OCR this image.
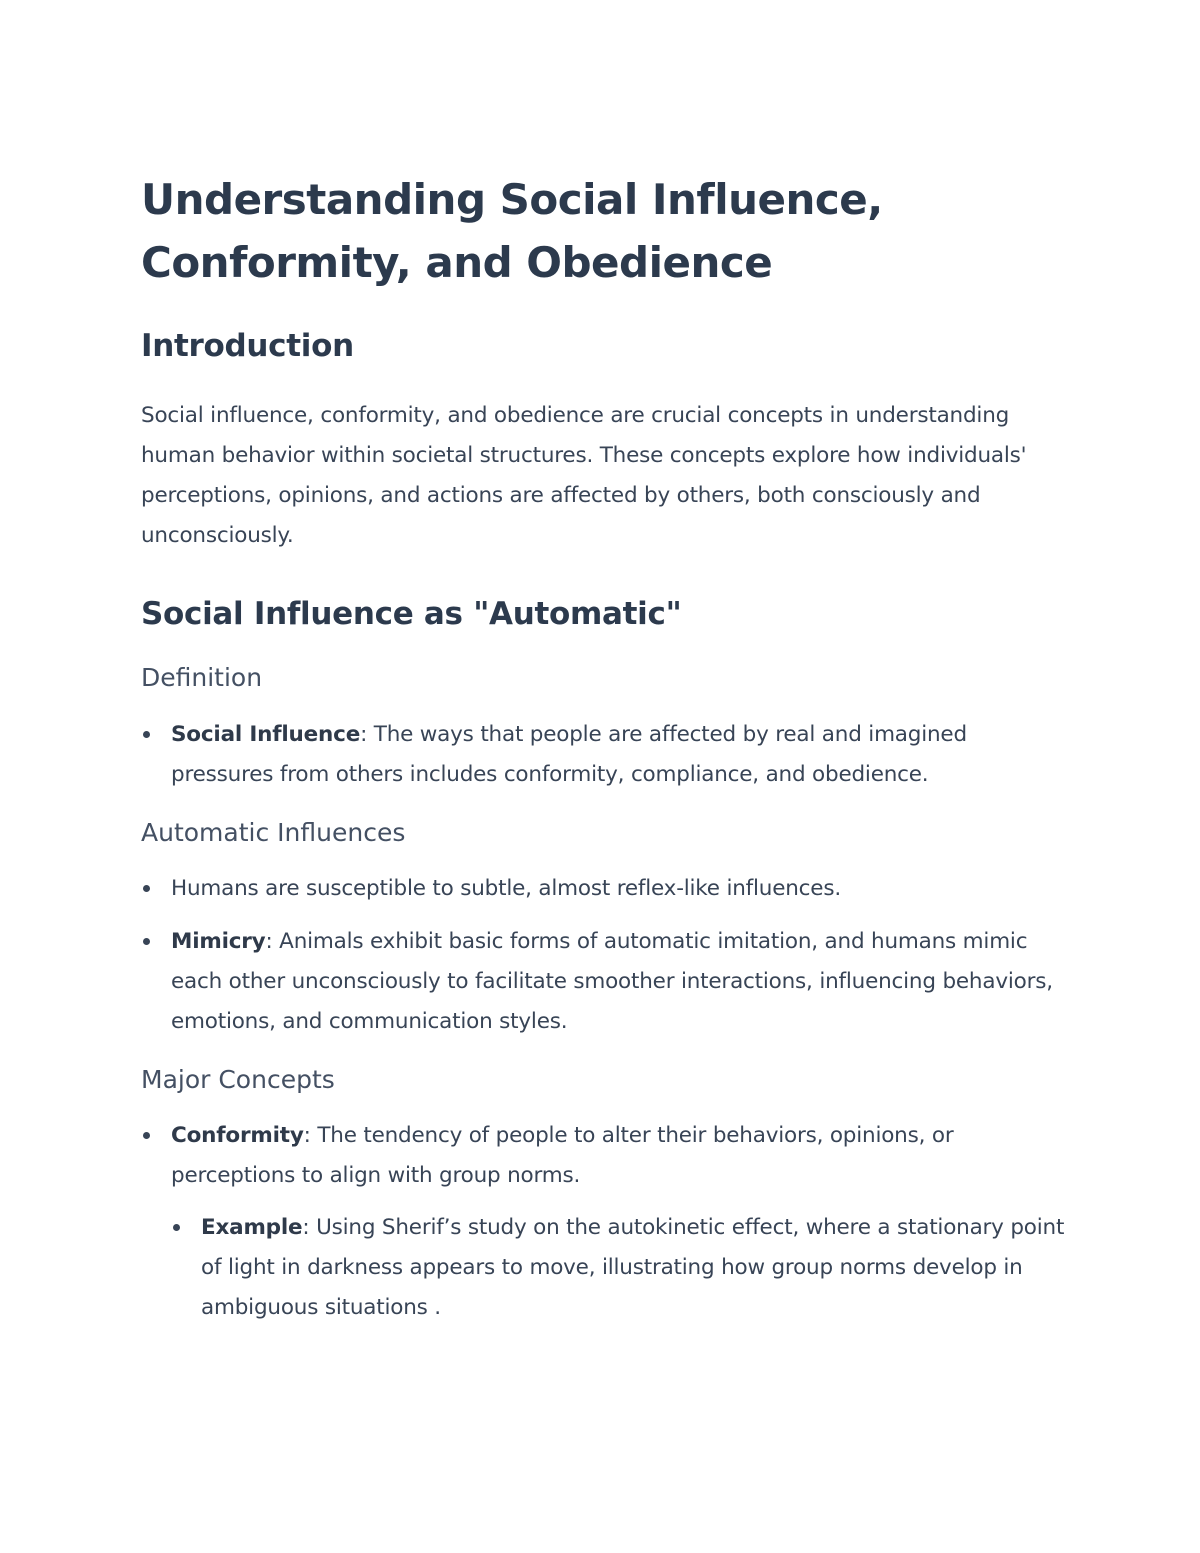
Understanding Social Influence, Conformity, and Obedience
Introduction

Social influence, conformity, and obedience are crucial concepts in understanding human behavior within societal structures. These concepts explore how individuals' perceptions, opinions, and actions are affected by others, both consciously and unconsciously.

Social Influence as "Automatic"
Definition
Social Influence: The ways that people are affected by real and imagined pressures from others includes conformity, compliance, and obedience.
Automatic Influences
Humans are susceptible to subtle, almost reflex-like influences.
Mimicry: Animals exhibit basic forms of automatic imitation, and humans mimic each other unconsciously to facilitate smoother interactions, influencing behaviors, emotions, and communication styles.
Major Concepts
Conformity: The tendency of people to alter their behaviors, opinions, or perceptions to align with group norms.
Example: Using Sherif’s study on the autokinetic effect, where a stationary point of light in darkness appears to move, illustrating how group norms develop in ambiguous situations .
